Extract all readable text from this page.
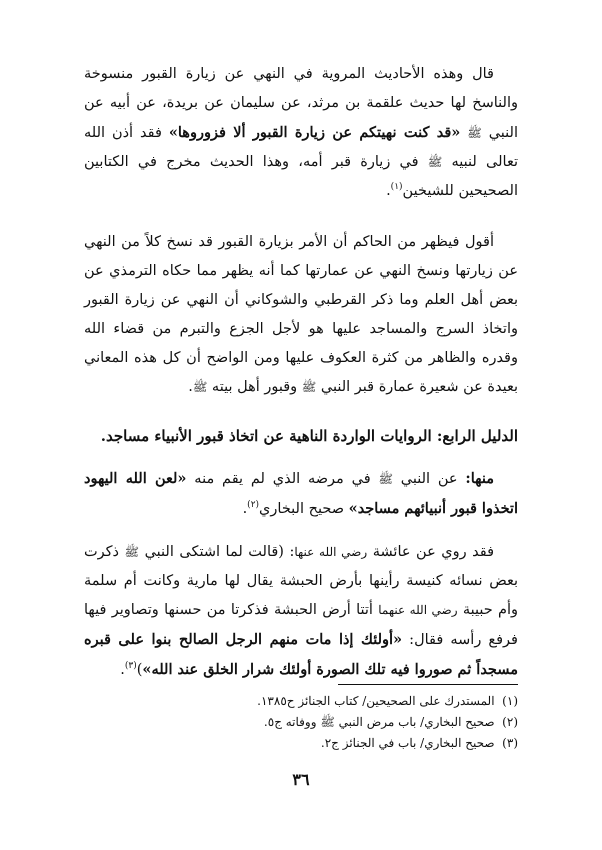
قال وهذه الأحاديث المروية في النهي عن زيارة القبور منسوخة والناسخ لها حديث علقمة بن مرثد، عن سليمان عن بريدة، عن أبيه عن النبي ﷺ «قد كنت نهيتكم عن زيارة القبور ألا فزوروها» فقد أذن الله تعالى لنبيه ﷺ في زيارة قبر أمه، وهذا الحديث مخرج في الكتابين الصحيحين للشيخين$^{(١)}$.

أقول فيظهر من الحاكم أن الأمر بزيارة القبور قد نسخ كلاً من النهي عن زيارتها ونسخ النهي عن عمارتها كما أنه يظهر مما حكاه الترمذي عن بعض أهل العلم وما ذكر القرطبي والشوكاني أن النهي عن زيارة القبور واتخاذ السرج والمساجد عليها هو لأجل الجزع والتبرم من قضاء الله وقدره والظاهر من كثرة العكوف عليها ومن الواضح أن كل هذه المعاني بعيدة عن شعيرة عمارة قبر النبي ﷺ وقبور أهل بيته ﷺ.

الدليل الرابع: الروايات الواردة الناهية عن اتخاذ قبور الأنبياء مساجد.

منها: عن النبي ﷺ في مرضه الذي لم يقم منه «لعن الله اليهود اتخذوا قبور أنبيائهم مساجد» صحيح البخاري$^{(٢)}$.

فقد روي عن عائشة رضي الله عنها: (قالت لما اشتكى النبي ﷺ ذكرت بعض نسائه كنيسة رأينها بأرض الحبشة يقال لها مارية وكانت أم سلمة وأم حبيبة رضي الله عنهما أتتا أرض الحبشة فذكرتا من حسنها وتصاوير فيها فرفع رأسه فقال: «أولئك إذا مات منهم الرجل الصالح بنوا على قبره مسجداً ثم صوروا فيه تلك الصورة أولئك شرار الخلق عند الله»)$^{(٣)}$.

(١)  المستدرك على الصحيحين/ كتاب الجنائز ح١٣٨٥.
(٢)  صحيح البخاري/ باب مرض النبي ﷺ ووفاته ج٥.
(٣)  صحيح البخاري/ باب في الجنائز ج٢.
٣٦
